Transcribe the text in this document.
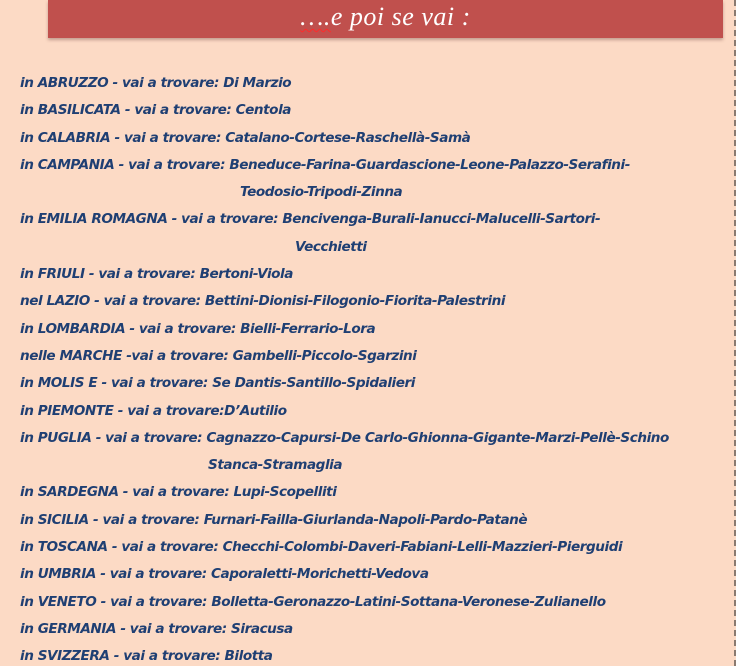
….e poi se vai :
in ABRUZZO - vai a trovare: Di Marzio
in BASILICATA - vai a trovare: Centola
in CALABRIA - vai a trovare: Catalano-Cortese-Raschellà-Samà
in CAMPANIA - vai a trovare: Beneduce-Farina-Guardascione-Leone-Palazzo-Serafini-
Teodosio-Tripodi-Zinna
in EMILIA ROMAGNA - vai a trovare: Bencivenga-Burali-Ianucci-Malucelli-Sartori-
Vecchietti
in FRIULI - vai a trovare: Bertoni-Viola
nel LAZIO - vai a trovare: Bettini-Dionisi-Filogonio-Fiorita-Palestrini
in LOMBARDIA - vai a trovare: Bielli-Ferrario-Lora
nelle MARCHE -vai a trovare: Gambelli-Piccolo-Sgarzini
in MOLIS E - vai a trovare: Se Dantis-Santillo-Spidalieri
in PIEMONTE - vai a trovare:D’Autilio
in PUGLIA - vai a trovare: Cagnazzo-Capursi-De Carlo-Ghionna-Gigante-Marzi-Pellè-Schino
Stanca-Stramaglia
in SARDEGNA - vai a trovare: Lupi-Scopelliti
in SICILIA - vai a trovare: Furnari-Failla-Giurlanda-Napoli-Pardo-Patanè
in TOSCANA - vai a trovare: Checchi-Colombi-Daveri-Fabiani-Lelli-Mazzieri-Pierguidi
in UMBRIA - vai a trovare: Caporaletti-Morichetti-Vedova
in VENETO - vai a trovare: Bolletta-Geronazzo-Latini-Sottana-Veronese-Zulianello
in GERMANIA - vai a trovare: Siracusa
in SVIZZERA - vai a trovare: Bilotta
